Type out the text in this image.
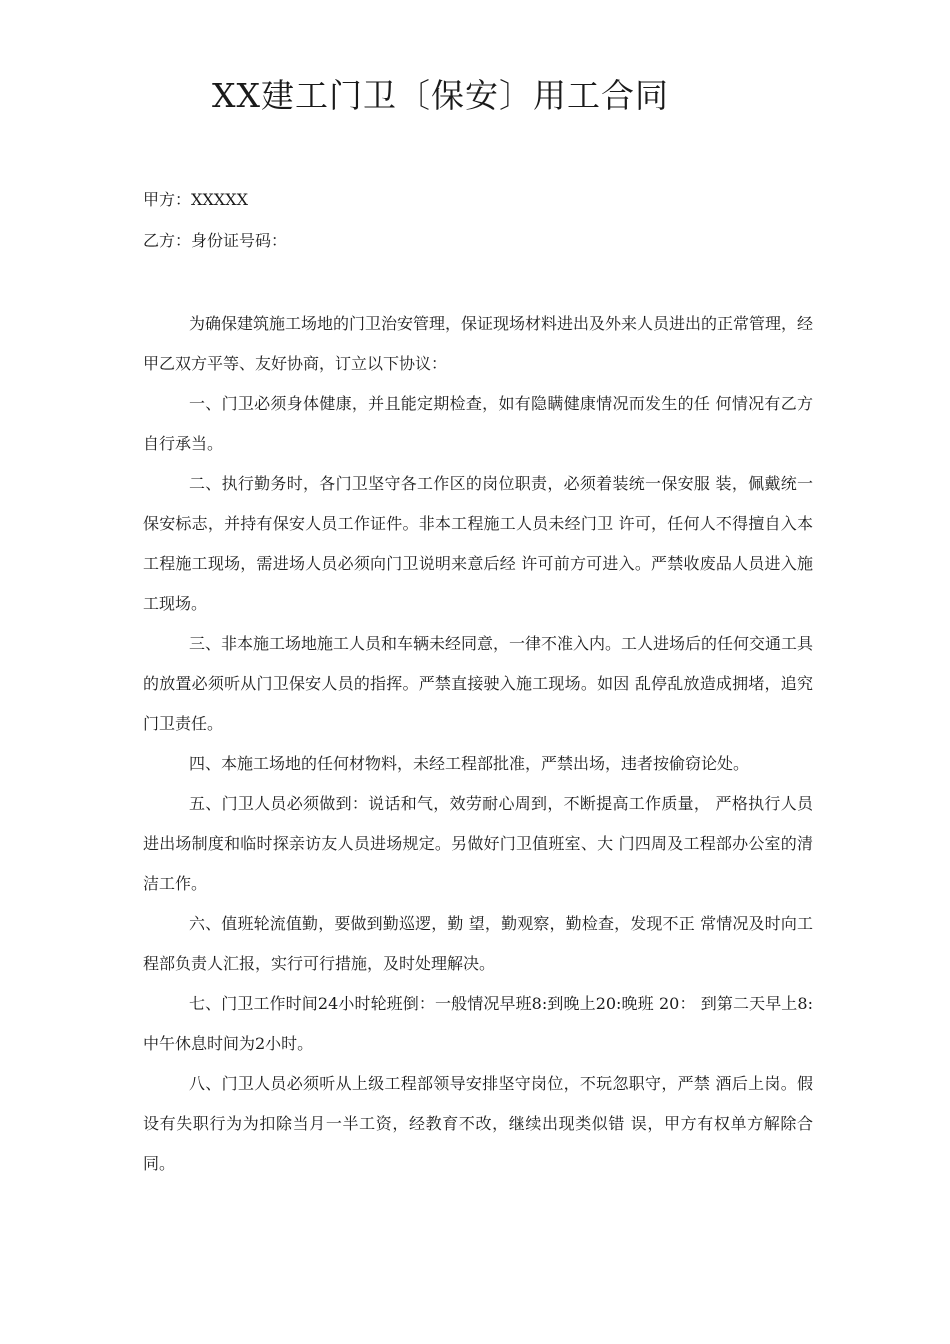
XX建工门卫〔保安〕用工合同

甲方：XXXXX

乙方：身份证号码：

为确保建筑施工场地的门卫治安管理，保证现场材料进出及外来人员进出的正常管理，经甲乙双方平等、友好协商，订立以下协议：

一、门卫必须身体健康，并且能定期检查，如有隐瞒健康情况而发生的任 何情况有乙方自行承当。

二、执行勤务时，各门卫坚守各工作区的岗位职责，必须着装统一保安服 装，佩戴统一保安标志，并持有保安人员工作证件。非本工程施工人员未经门卫 许可，任何人不得擅自入本工程施工现场，需进场人员必须向门卫说明来意后经 许可前方可进入。严禁收废品人员进入施工现场。

三、非本施工场地施工人员和车辆未经同意，一律不准入内。工人进场后的任何交通工具的放置必须听从门卫保安人员的指挥。严禁直接驶入施工现场。如因 乱停乱放造成拥堵，追究门卫责任。

四、本施工场地的任何材物料，未经工程部批准，严禁出场，违者按偷窃论处。

五、门卫人员必须做到：说话和气，效劳耐心周到，不断提高工作质量， 严格执行人员进出场制度和临时探亲访友人员进场规定。另做好门卫值班室、大 门四周及工程部办公室的清洁工作。

六、值班轮流值勤，要做到勤巡逻，勤 望，勤观察，勤检查，发现不正 常情况及时向工程部负责人汇报，实行可行措施，及时处理解决。

七、门卫工作时间24小时轮班倒：一般情况早班8:到晚上20:晚班 20： 到第二天早上8:中午休息时间为2小时。

八、门卫人员必须听从上级工程部领导安排坚守岗位，不玩忽职守，严禁 酒后上岗。假设有失职行为为扣除当月一半工资，经教育不改，继续出现类似错 误，甲方有权单方解除合同。
